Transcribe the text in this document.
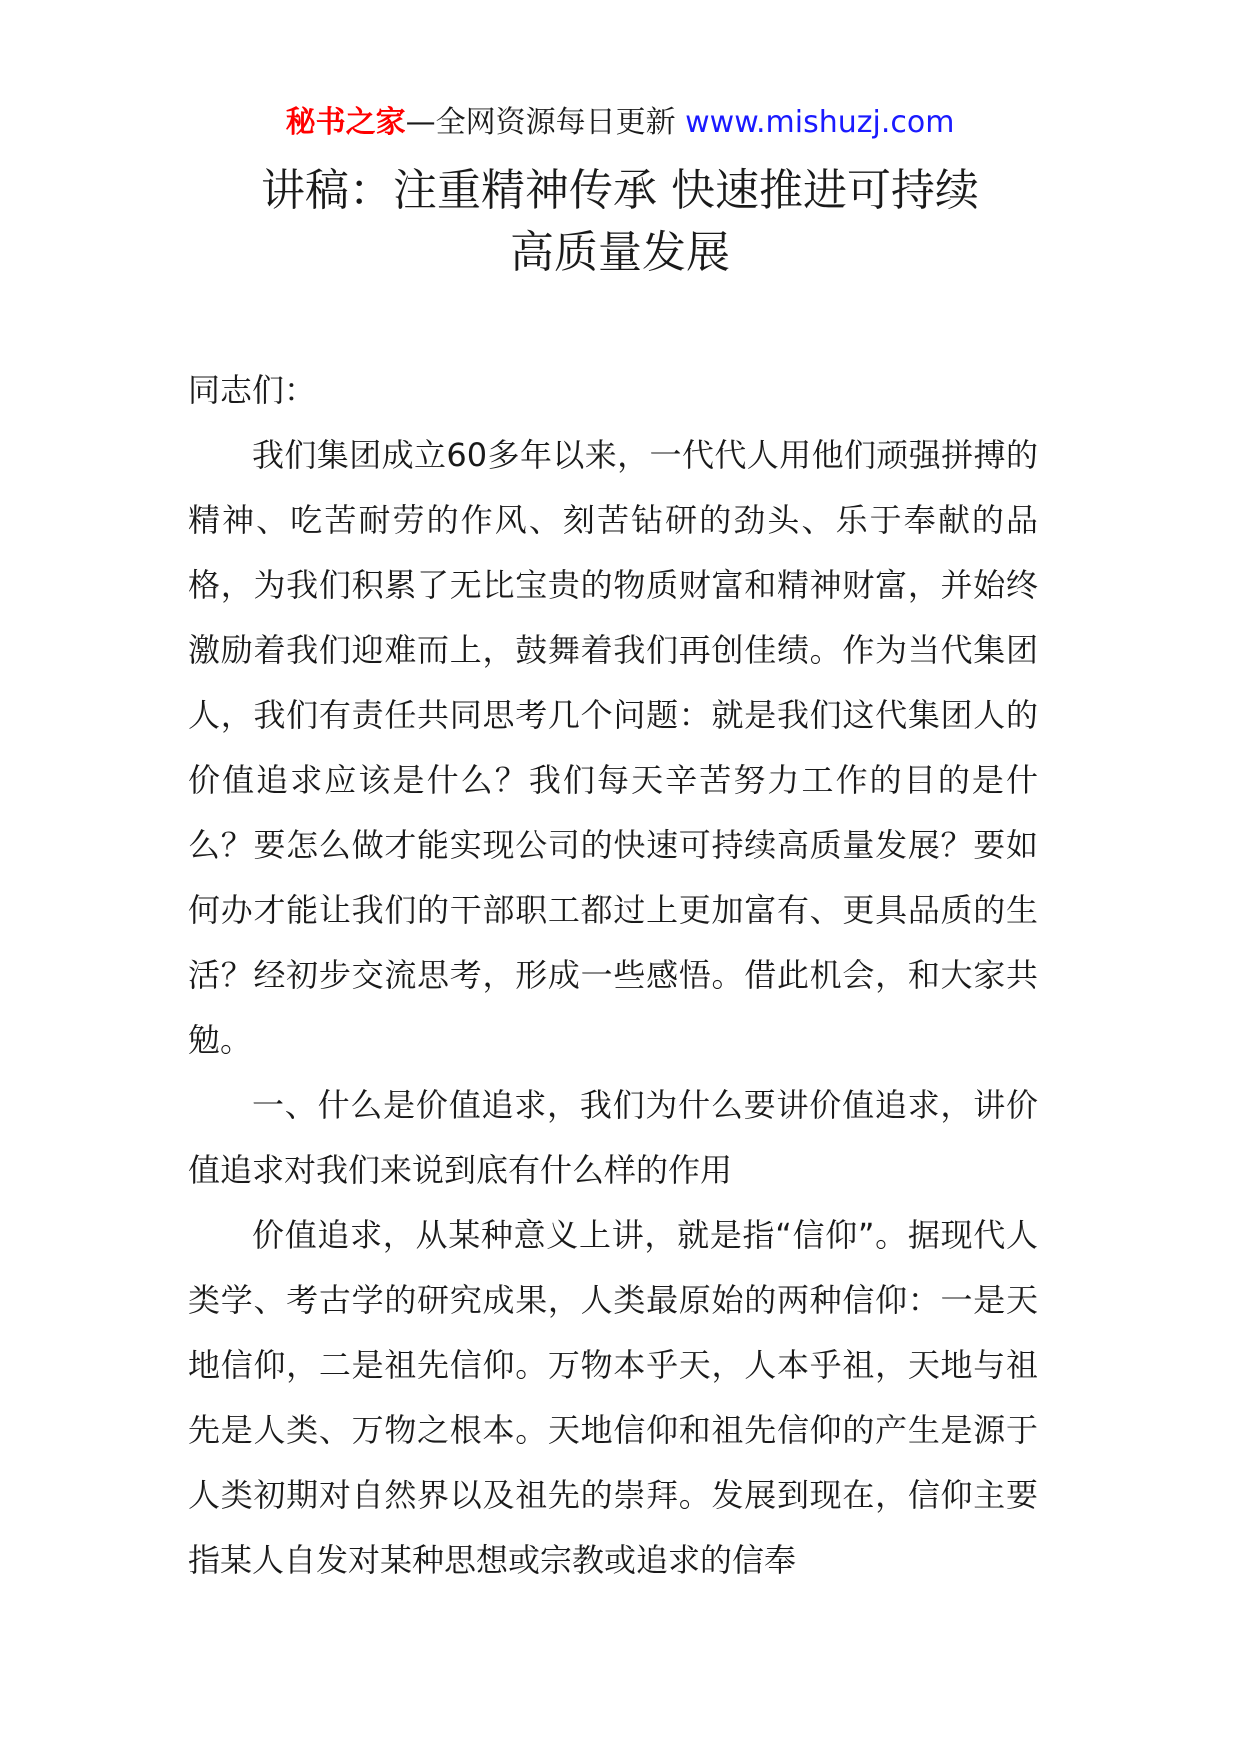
秘书之家—全网资源每日更新 www.mishuzj.com
讲稿：注重精神传承 快速推进可持续
高质量发展

同志们：

我们集团成立60多年以来，一代代人用他们顽强拼搏的精神、吃苦耐劳的作风、刻苦钻研的劲头、乐于奉献的品格，为我们积累了无比宝贵的物质财富和精神财富，并始终激励着我们迎难而上，鼓舞着我们再创佳绩。作为当代集团人，我们有责任共同思考几个问题：就是我们这代集团人的价值追求应该是什么？我们每天辛苦努力工作的目的是什么？要怎么做才能实现公司的快速可持续高质量发展？要如何办才能让我们的干部职工都过上更加富有、更具品质的生活？经初步交流思考，形成一些感悟。借此机会，和大家共勉。

一、什么是价值追求，我们为什么要讲价值追求，讲价值追求对我们来说到底有什么样的作用

价值追求，从某种意义上讲，就是指“信仰”。据现代人类学、考古学的研究成果，人类最原始的两种信仰：一是天地信仰，二是祖先信仰。万物本乎天，人本乎祖，天地与祖先是人类、万物之根本。天地信仰和祖先信仰的产生是源于人类初期对自然界以及祖先的崇拜。发展到现在，信仰主要指某人自发对某种思想或宗教或追求的信奉
